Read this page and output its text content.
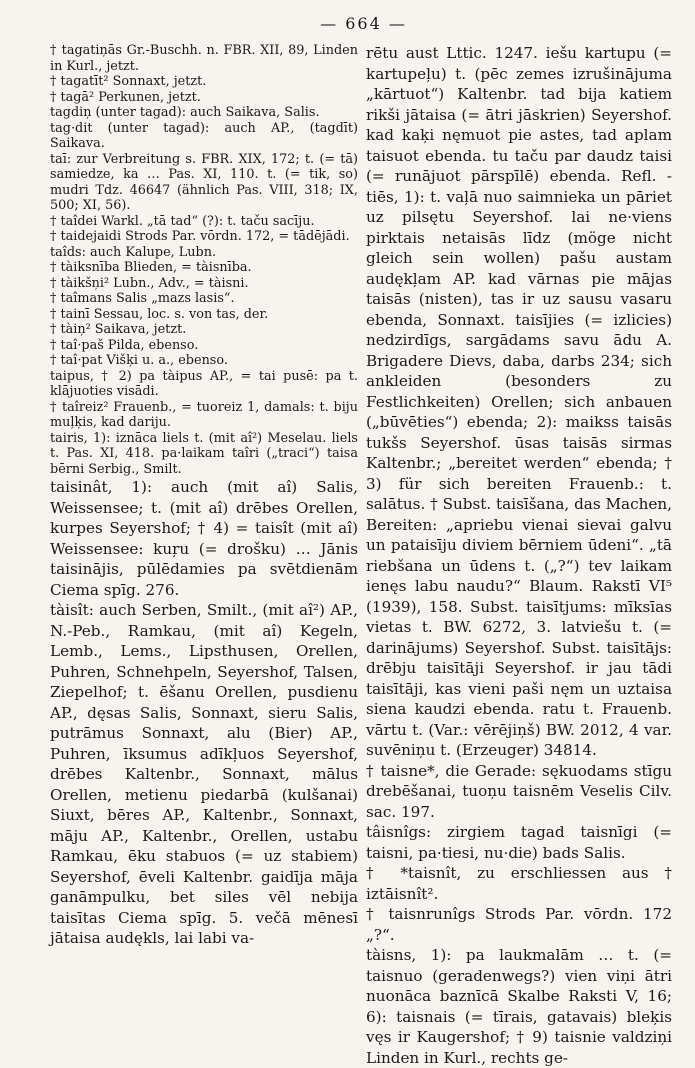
— 664 —

† tagatiņās Gr.-Buschh. n. FBR. XII, 89, Linden in Kurl., jetzt.

† tagatīt² Sonnaxt, jetzt.

† tagā² Perkunen, jetzt.

tagdiņ (unter tagad): auch Saikava, Salis.

tag·dit (unter tagad): auch AP., (tagdīt) Saikava.

taī: zur Verbreitung s. FBR. XIX, 172; t. (= tā) samiedze, ka … Pas. XI, 110. t. (= tik, so) mudri Tdz. 46647 (ähnlich Pas. VIII, 318; IX, 500; XI, 56).

† taîdei Warkl. „tā tad“ (?): t. taču sacīju.

† taidejaidi Strods Par. vōrdn. 172, = tādējādi.

taîds: auch Kalupe, Lubn.

† tàiksnība Blieden, = tàisnība.

† tàikšņi² Lubn., Adv., = tàisni.

† taîmans Salis „mazs lasis“.

† tainī Sessau, loc. s. von tas, der.

† tàiņ² Saikava, jetzt.

† taî·paš Pilda, ebenso.

† taî·pat Višķi u. a., ebenso.

taipus, † 2) pa tàipus AP., = tai pusē: pa t. klājuoties visādi.

† taîreiz² Frauenb., = tuoreiz 1, damals: t. biju muļķis, kad dariju.

tairis, 1): iznāca liels t. (mit aî²) Meselau. liels t. Pas. XI, 418. pa·laikam taîri („traci“) taisa bērni Serbig., Smilt.

taisinât, 1): auch (mit aî) Salis, Weissensee; t. (mit aî) drēbes Orellen, kurpes Seyershof; † 4) = taisît (mit aî) Weissensee: kuŗu (= drošku) … Jānis taisinājis, pūlēdamies pa svētdienām Ciema spīg. 276.

tàisît: auch Serben, Smilt., (mit aî²) AP., N.-Peb., Ramkau, (mit aî) Kegeln, Lemb., Lems., Lipsthusen, Orellen, Puhren, Schnehpeln, Seyershof, Talsen, Ziepelhof; t. ēšanu Orellen, pusdienu AP., dęsas Salis, Sonnaxt, sieru Salis, putrāmus Sonnaxt, alu (Bier) AP., Puhren, īksumus adīkļuos Seyershof, drēbes Kaltenbr., Sonnaxt, mālus Orellen, metienu piedarbā (kulšanai) Siuxt, bēres AP., Kaltenbr., Sonnaxt, māju AP., Kaltenbr., Orellen, ustabu Ramkau, ēku stabuos (= uz stabiem) Seyershof, ēveli Kaltenbr. gaidīja māja ganāmpulku, bet siles vēl nebija taisītas Ciema spīg. 5. večā mēnesī jātaisa audękls, lai labi va-

rētu aust Lttic. 1247. iešu kartupu (= kartupeļu) t. (pēc zemes izrušinājuma „kārtuot“) Kaltenbr. tad bija katiem rikši jātaisa (= ātri jāskrien) Seyershof. kad kaķi nęmuot pie astes, tad aplam taisuot ebenda. tu taču par daudz taisi (= runājuot pārspīlē) ebenda. Refl. -tiēs, 1): t. vaļā nuo saimnieka un pāriet uz pilsętu Seyershof. lai ne·viens pirktais netaisās līdz (möge nicht gleich sein wollen) pašu austam audękļam AP. kad vārnas pie mājas taisās (nisten), tas ir uz sausu vasaru ebenda, Sonnaxt. taisījies (= izlicies) nedzirdīgs, sargādams savu ādu A. Brigadere Dievs, daba, darbs 234; sich ankleiden (besonders zu Festlichkeiten) Orellen; sich anbauen („būvēties“) ebenda; 2): maikss taisās tukšs Seyershof. ūsas taisās sirmas Kaltenbr.; „bereitet werden“ ebenda; † 3) für sich bereiten Frauenb.: t. salātus. † Subst. taisīšana, das Machen, Bereiten: „apriebu vienai sievai galvu un pataisīju diviem bērniem ūdeni“. „tā riebšana un ūdens t. („?“) tev laikam ienęs labu naudu?“ Blaum. Rakstī VI⁵ (1939), 158. Subst. taisītjums: mīksīas vietas t. BW. 6272, 3. latviešu t. (= darinājums) Seyershof. Subst. taisītājs: drēbju taisītāji Seyershof. ir jau tādi taisītāji, kas vieni paši nęm un uztaisa siena kaudzi ebenda. ratu t. Frauenb. vārtu t. (Var.: vērējiņš) BW. 2012, 4 var. suvēniņu t. (Erzeuger) 34814.

† taisne*, die Gerade: sękuodams stīgu drebēšanai, tuoņu taisnēm Veselis Cilv. sac. 197.

tâisnîgs: zirgiem tagad taisnīgi (= taisni, pa·tiesi, nu·die) bads Salis.

† *taisnît, zu erschliessen aus † iztāisnît².

† taisnrunîgs Strods Par. vōrdn. 172 „?“.

tàisns, 1): pa laukmalām … t. (= taisnuo (geradenwegs?) vien viņi ātri nuonāca baznīcā Skalbe Raksti V, 16; 6): taisnais (= tīrais, gatavais) bleķis vęs ir Kaugershof; † 9) taisnie valdziņi Linden in Kurl., rechts ge-
